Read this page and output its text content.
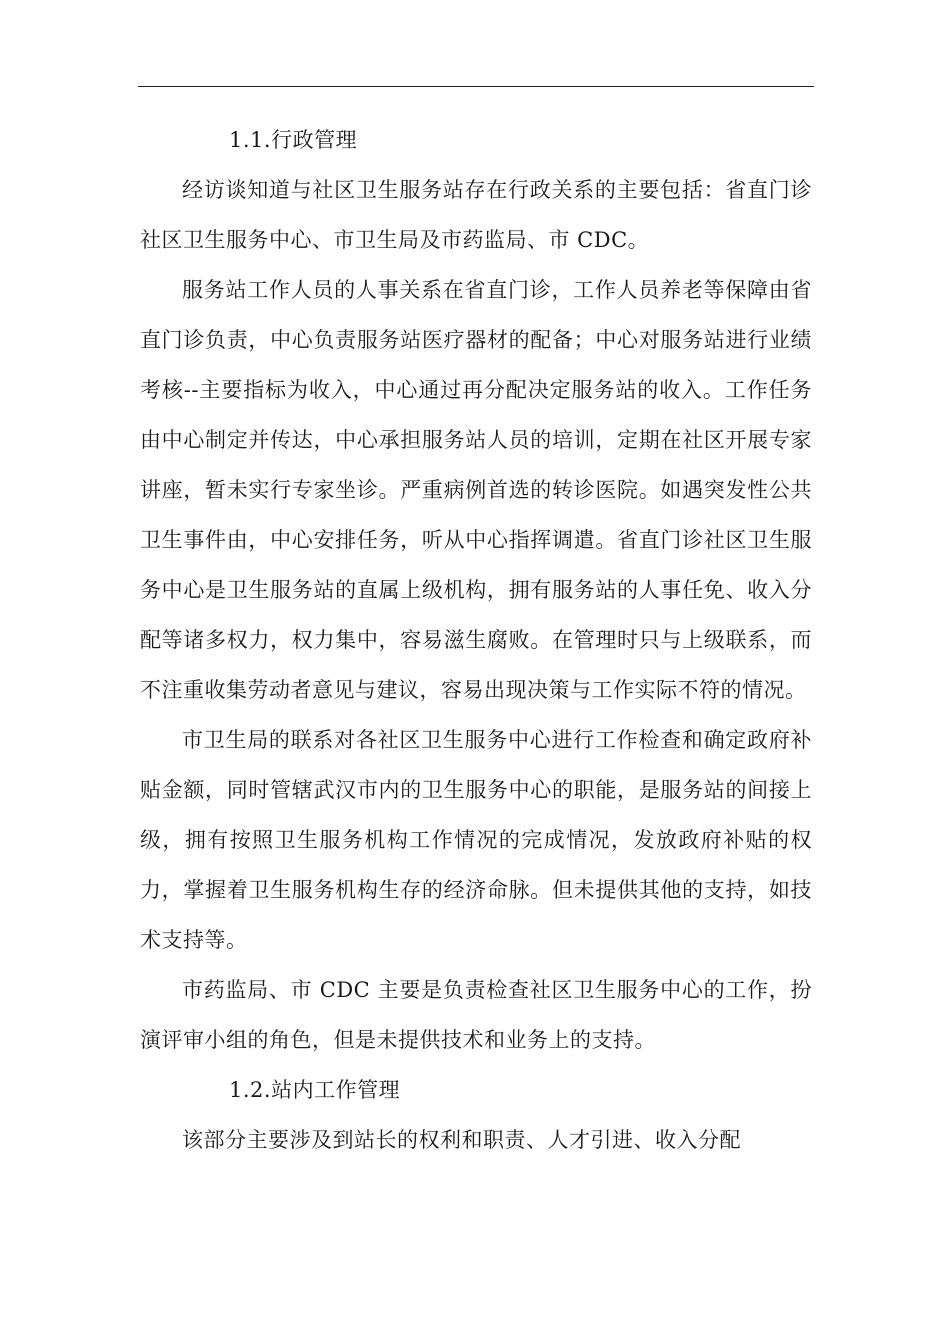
1.1.行政管理

经访谈知道与社区卫生服务站存在行政关系的主要包括：省直门诊社区卫生服务中心、市卫生局及市药监局、市 CDC。

服务站工作人员的人事关系在省直门诊，工作人员养老等保障由省直门诊负责，中心负责服务站医疗器材的配备；中心对服务站进行业绩考核--主要指标为收入，中心通过再分配决定服务站的收入。工作任务由中心制定并传达，中心承担服务站人员的培训，定期在社区开展专家讲座，暂未实行专家坐诊。严重病例首选的转诊医院。如遇突发性公共卫生事件由，中心安排任务，听从中心指挥调遣。省直门诊社区卫生服务中心是卫生服务站的直属上级机构，拥有服务站的人事任免、收入分配等诸多权力，权力集中，容易滋生腐败。在管理时只与上级联系，而不注重收集劳动者意见与建议，容易出现决策与工作实际不符的情况。

市卫生局的联系对各社区卫生服务中心进行工作检查和确定政府补贴金额，同时管辖武汉市内的卫生服务中心的职能，是服务站的间接上级，拥有按照卫生服务机构工作情况的完成情况，发放政府补贴的权力，掌握着卫生服务机构生存的经济命脉。但未提供其他的支持，如技术支持等。

市药监局、市 CDC 主要是负责检查社区卫生服务中心的工作，扮演评审小组的角色，但是未提供技术和业务上的支持。

1.2.站内工作管理

该部分主要涉及到站长的权利和职责、人才引进、收入分配
